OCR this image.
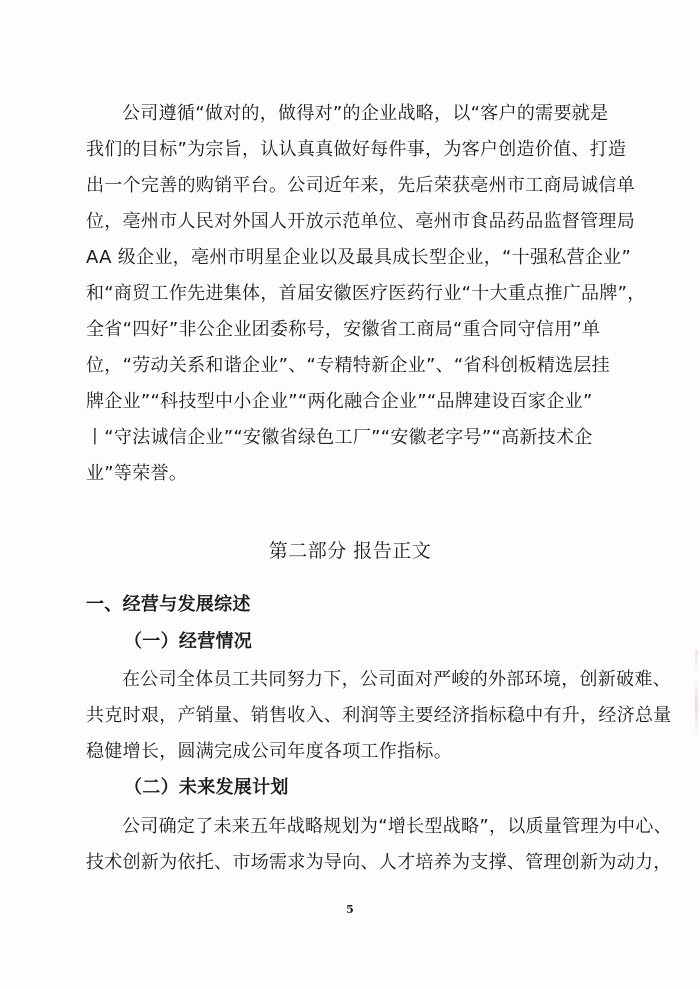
公司遵循“做对的，做得对”的企业战略，以“客户的需要就是
我们的目标”为宗旨，认认真真做好每件事，为客户创造价值、打造
出一个完善的购销平台。公司近年来，先后荣获亳州市工商局诚信单
位，亳州市人民对外国人开放示范单位、亳州市食品药品监督管理局
AA 级企业，亳州市明星企业以及最具成长型企业，“十强私营企业”
和“商贸工作先进集体，首届安徽医疗医药行业“十大重点推广品牌”，
全省“四好”非公企业团委称号，安徽省工商局“重合同守信用”单
位，“劳动关系和谐企业”、“专精特新企业”、“省科创板精选层挂
牌企业”“科技型中小企业”“两化融合企业”“品牌建设百家企业”
丨“守法诚信企业”“安徽省绿色工厂”“安徽老字号”“高新技术企
业”等荣誉。
第二部分 报告正文
一、经营与发展综述
（一）经营情况
在公司全体员工共同努力下，公司面对严峻的外部环境，创新破难、
共克时艰，产销量、销售收入、利润等主要经济指标稳中有升，经济总量
稳健增长，圆满完成公司年度各项工作指标。
（二）未来发展计划
公司确定了未来五年战略规划为“增长型战略”，以质量管理为中心、
技术创新为依托、市场需求为导向、人才培养为支撑、管理创新为动力，
5
